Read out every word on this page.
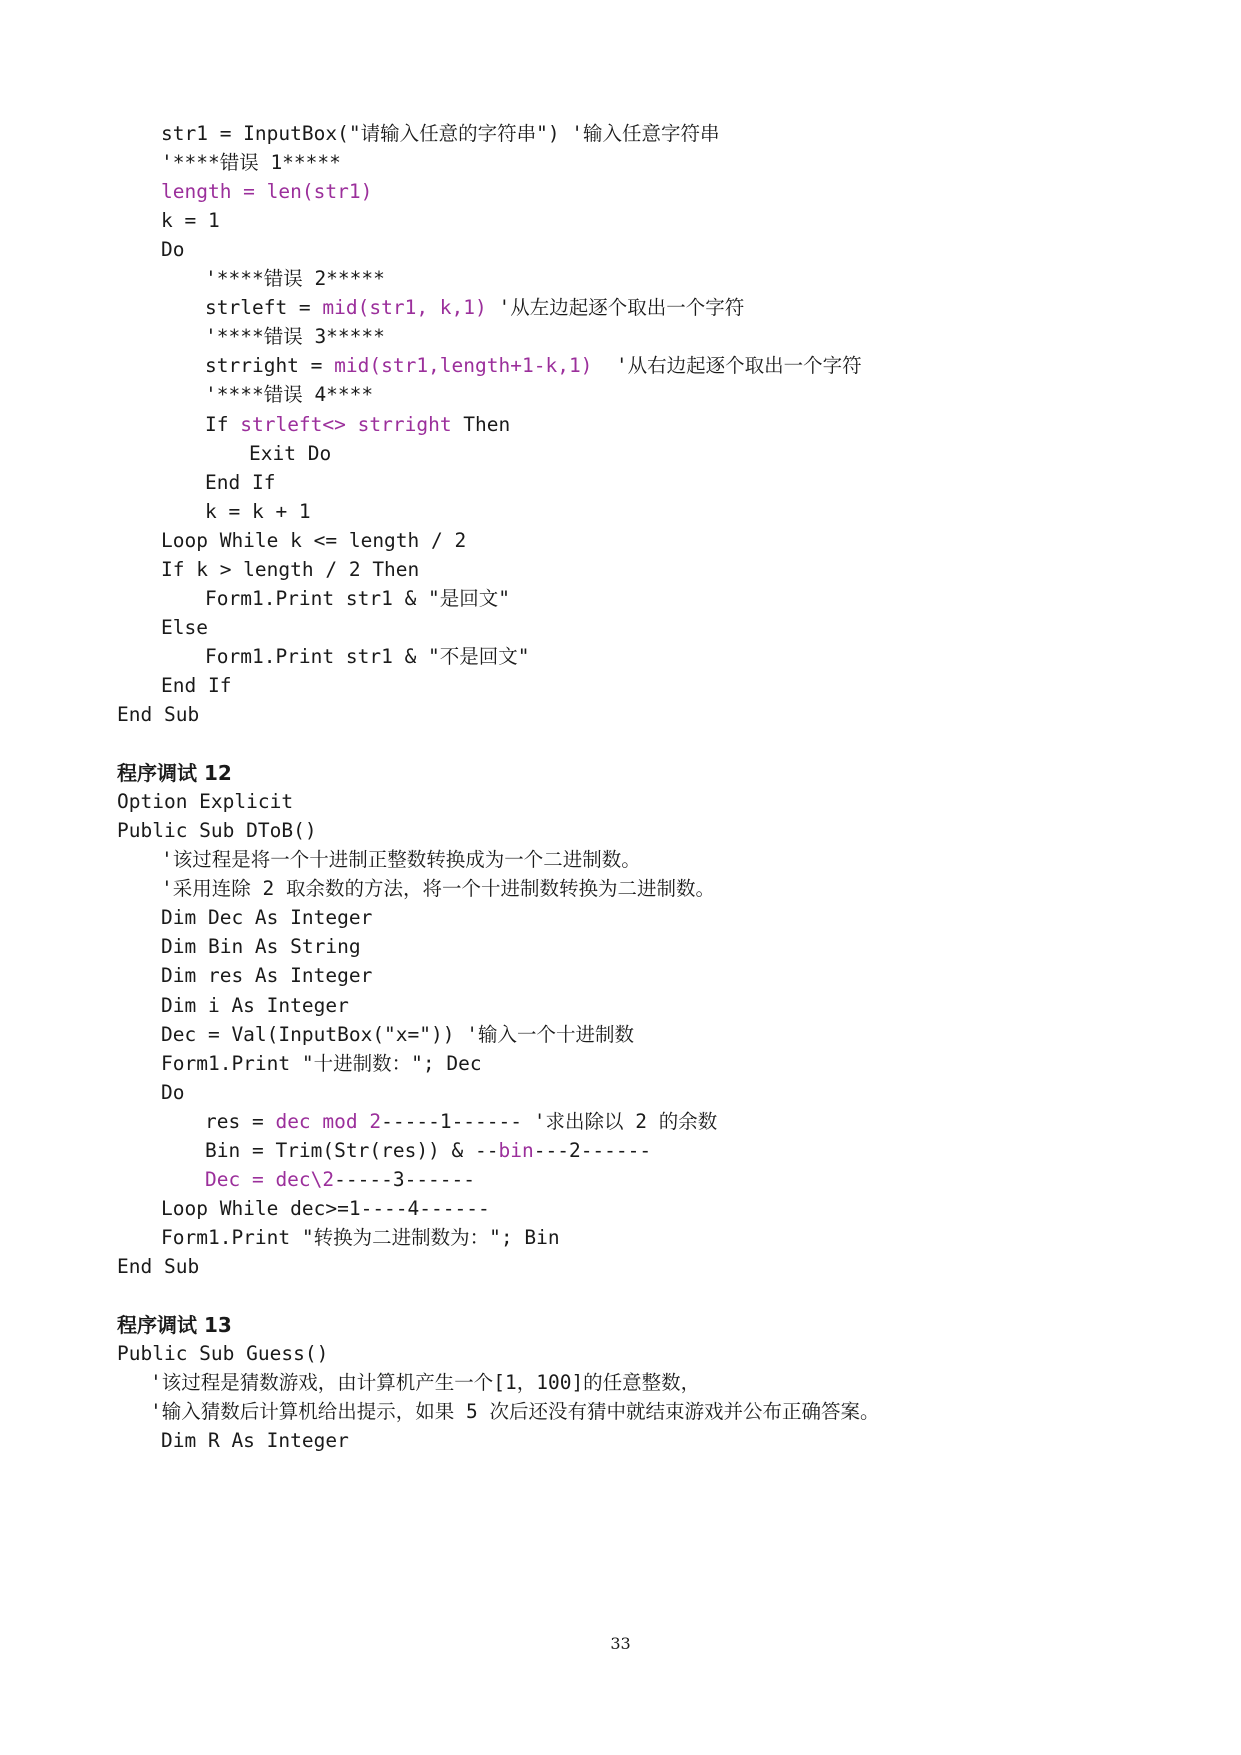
str1 = InputBox("请输入任意的字符串") '输入任意字符串
'****错误 1*****
length = len(str1)
k = 1
Do
'****错误 2*****
strleft = mid(str1, k,1) '从左边起逐个取出一个字符
'****错误 3*****
strright = mid(str1,length+1-k,1)  '从右边起逐个取出一个字符
'****错误 4****
If strleft<> strright Then
Exit Do
End If
k = k + 1
Loop While k <= length / 2
If k > length / 2 Then
Form1.Print str1 & "是回文"
Else
Form1.Print str1 & "不是回文"
End If
End Sub
程序调试 12
Option Explicit
Public Sub DToB()
'该过程是将一个十进制正整数转换成为一个二进制数。
'采用连除 2 取余数的方法，将一个十进制数转换为二进制数。
Dim Dec As Integer
Dim Bin As String
Dim res As Integer
Dim i As Integer
Dec = Val(InputBox("x=")) '输入一个十进制数
Form1.Print "十进制数："; Dec
Do
res = dec mod 2-----1------ '求出除以 2 的余数
Bin = Trim(Str(res)) & --bin---2------
Dec = dec\2-----3------
Loop While dec>=1----4------
Form1.Print "转换为二进制数为："; Bin
End Sub
程序调试 13
Public Sub Guess()
'该过程是猜数游戏，由计算机产生一个[1，100]的任意整数，
'输入猜数后计算机给出提示，如果 5 次后还没有猜中就结束游戏并公布正确答案。
Dim R As Integer
33
